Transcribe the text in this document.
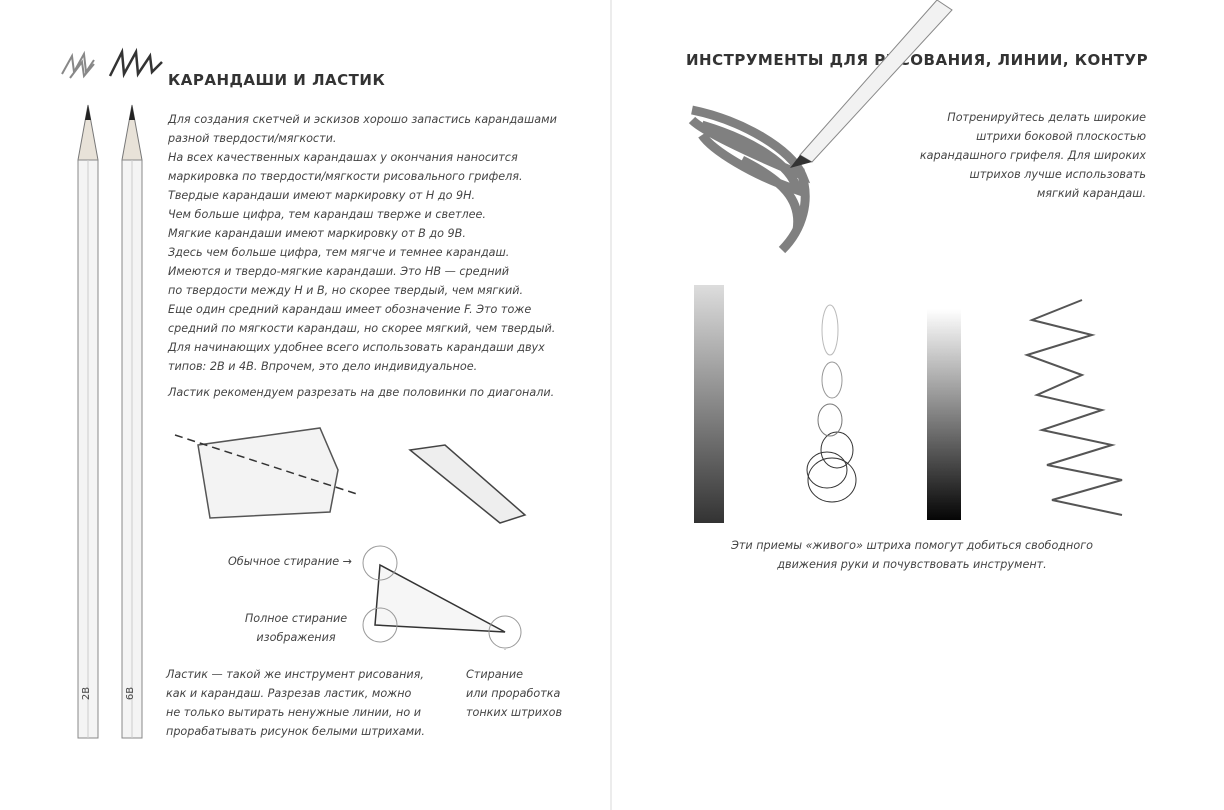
КАРАНДАШИ И ЛАСТИК
2B	6B
Для создания скетчей и эскизов хорошо запастись карандашами
разной твердости/мягкости.
На всех качественных карандашах у окончания наносится
маркировка по твердости/мягкости рисовального грифеля.
Твердые карандаши имеют маркировку от H до 9H.
Чем больше цифра, тем карандаш тверже и светлее.
Мягкие карандаши имеют маркировку от B до 9B.
Здесь чем больше цифра, тем мягче и темнее карандаш.
Имеются и твердо-мягкие карандаши. Это HB — средний
по твердости между H и B, но скорее твердый, чем мягкий.
Еще один средний карандаш имеет обозначение F. Это тоже
средний по мягкости карандаш, но скорее мягкий, чем твердый.
Для начинающих удобнее всего использовать карандаши двух
типов: 2B и 4B. Впрочем, это дело индивидуальное.
Ластик рекомендуем разрезать на две половинки по диагонали.
Обычное стирание →
Полное стирание
изображения
Стирание
или проработка
тонких штрихов
Ластик — такой же инструмент рисования,
как и карандаш. Разрезав ластик, можно
не только вытирать ненужные линии, но и
прорабатывать рисунок белыми штрихами.
ИНСТРУМЕНТЫ ДЛЯ РИСОВАНИЯ, ЛИНИИ, КОНТУР
Потренируйтесь делать широкие
штрихи боковой плоскостью
карандашного грифеля. Для широких
штрихов лучше использовать
мягкий карандаш.
Эти приемы «живого» штриха помогут добиться свободного
движения руки и почувствовать инструмент.
